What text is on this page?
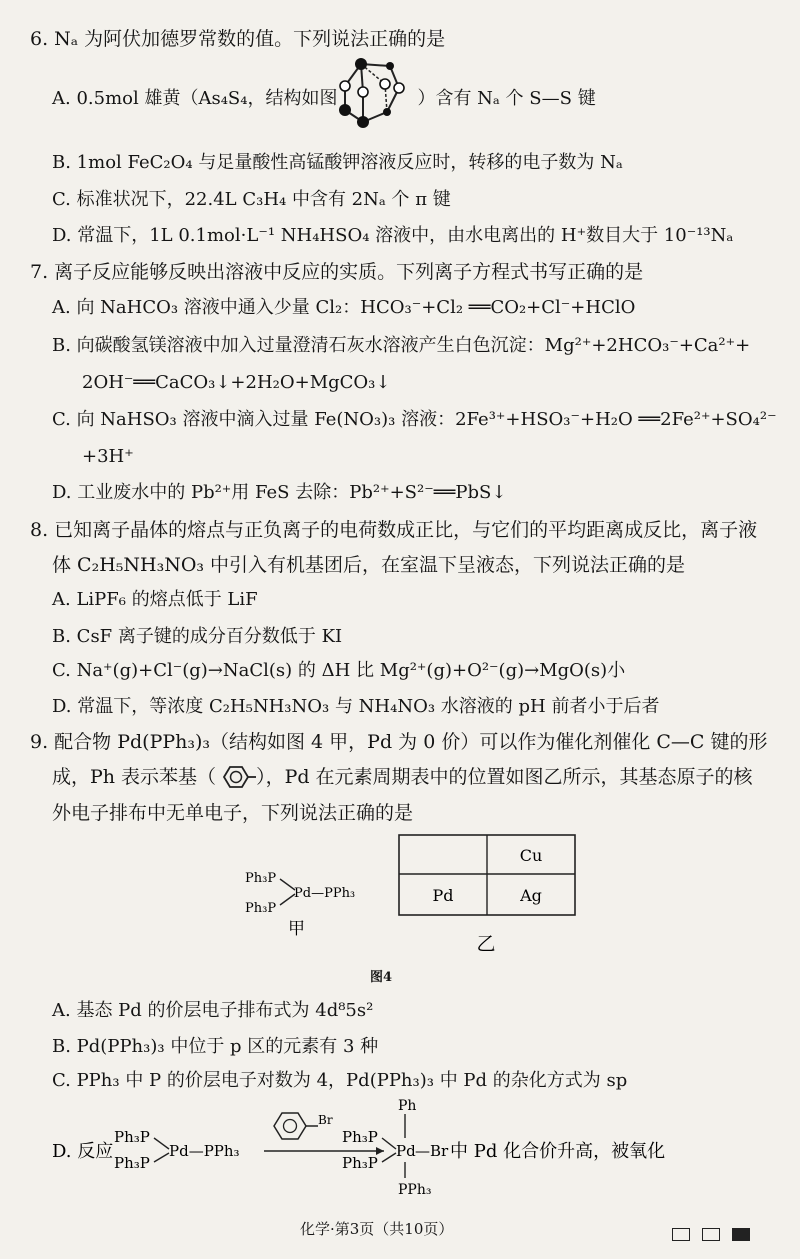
6. Nₐ 为阿伏加德罗常数的值。下列说法正确的是
A. 0.5mol 雄黄（As₄S₄，结构如图	）含有 Nₐ 个 S—S 键
B. 1mol FeC₂O₄ 与足量酸性高锰酸钾溶液反应时，转移的电子数为 Nₐ
C. 标准状况下，22.4L C₃H₄ 中含有 2Nₐ 个 π 键
D. 常温下，1L 0.1mol·L⁻¹ NH₄HSO₄ 溶液中，由水电离出的 H⁺数目大于 10⁻¹³Nₐ
7. 离子反应能够反映出溶液中反应的实质。下列离子方程式书写正确的是
A. 向 NaHCO₃ 溶液中通入少量 Cl₂：HCO₃⁻+Cl₂ ══CO₂+Cl⁻+HClO
B. 向碳酸氢镁溶液中加入过量澄清石灰水溶液产生白色沉淀：Mg²⁺+2HCO₃⁻+Ca²⁺+
2OH⁻══CaCO₃↓+2H₂O+MgCO₃↓
C. 向 NaHSO₃ 溶液中滴入过量 Fe(NO₃)₃ 溶液：2Fe³⁺+HSO₃⁻+H₂O ══2Fe²⁺+SO₄²⁻
+3H⁺
D. 工业废水中的 Pb²⁺用 FeS 去除：Pb²⁺+S²⁻══PbS↓
8. 已知离子晶体的熔点与正负离子的电荷数成正比，与它们的平均距离成反比，离子液
体 C₂H₅NH₃NO₃ 中引入有机基团后，在室温下呈液态，下列说法正确的是
A. LiPF₆ 的熔点低于 LiF
B. CsF 离子键的成分百分数低于 KI
C. Na⁺(g)+Cl⁻(g)→NaCl(s) 的 ΔH 比 Mg²⁺(g)+O²⁻(g)→MgO(s)小
D. 常温下，等浓度 C₂H₅NH₃NO₃ 与 NH₄NO₃ 水溶液的 pH 前者小于后者
9. 配合物 Pd(PPh₃)₃（结构如图 4 甲，Pd 为 0 价）可以作为催化剂催化 C—C 键的形
成，Ph 表示苯基（ ），Pd 在元素周期表中的位置如图乙所示，其基态原子的核
外电子排布中无单电子，下列说法正确的是
Ph₃P
Ph₃P
Pd—PPh₃
甲
Cu
Pd	Ag
乙
图4
A. 基态 Pd 的价层电子排布式为 4d⁸5s²
B. Pd(PPh₃)₃ 中位于 p 区的元素有 3 种
C. PPh₃ 中 P 的价层电子对数为 4，Pd(PPh₃)₃ 中 Pd 的杂化方式为 sp
D. 反应
Ph₃P
Ph₃P
Pd—PPh₃
Br
Ph₃P
Ph₃P
Pd
Ph
PPh₃
—Br 中 Pd 化合价升高，被氧化
化学·第3页（共10页）
